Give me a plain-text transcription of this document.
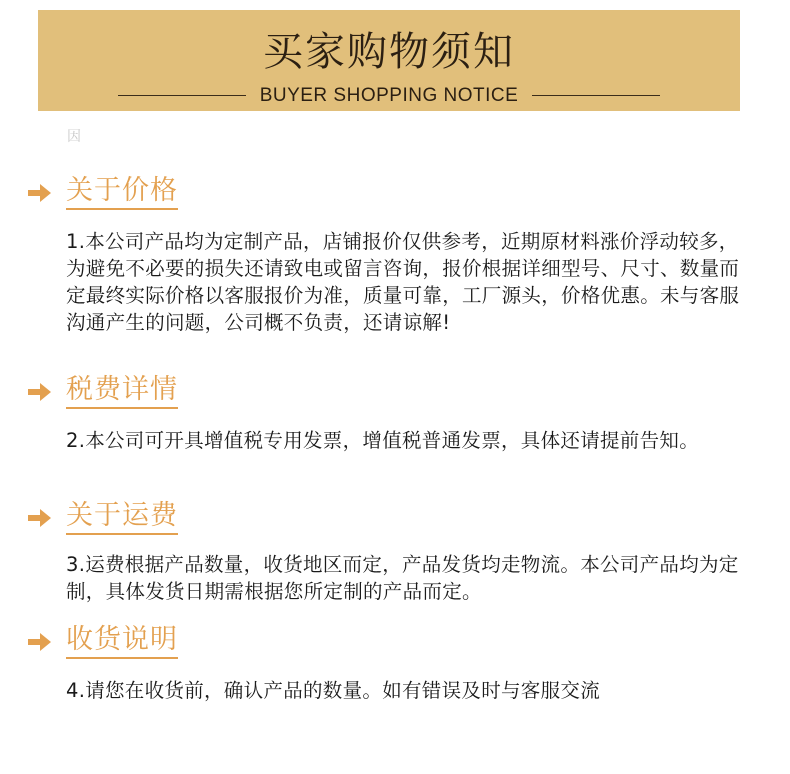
买家购物须知
BUYER SHOPPING NOTICE
因
关于价格
1.本公司产品均为定制产品，店铺报价仅供参考，近期原材料涨价浮动较多，为避免不必要的损失还请致电或留言咨询，报价根据详细型号、尺寸、数量而定最终实际价格以客服报价为准，质量可靠，工厂源头，价格优惠。未与客服沟通产生的问题，公司概不负责，还请谅解!
税费详情
2.本公司可开具增值税专用发票，增值税普通发票，具体还请提前告知。
关于运费
3.运费根据产品数量，收货地区而定，产品发货均走物流。本公司产品均为定制，具体发货日期需根据您所定制的产品而定。
收货说明
4.请您在收货前，确认产品的数量。如有错误及时与客服交流
